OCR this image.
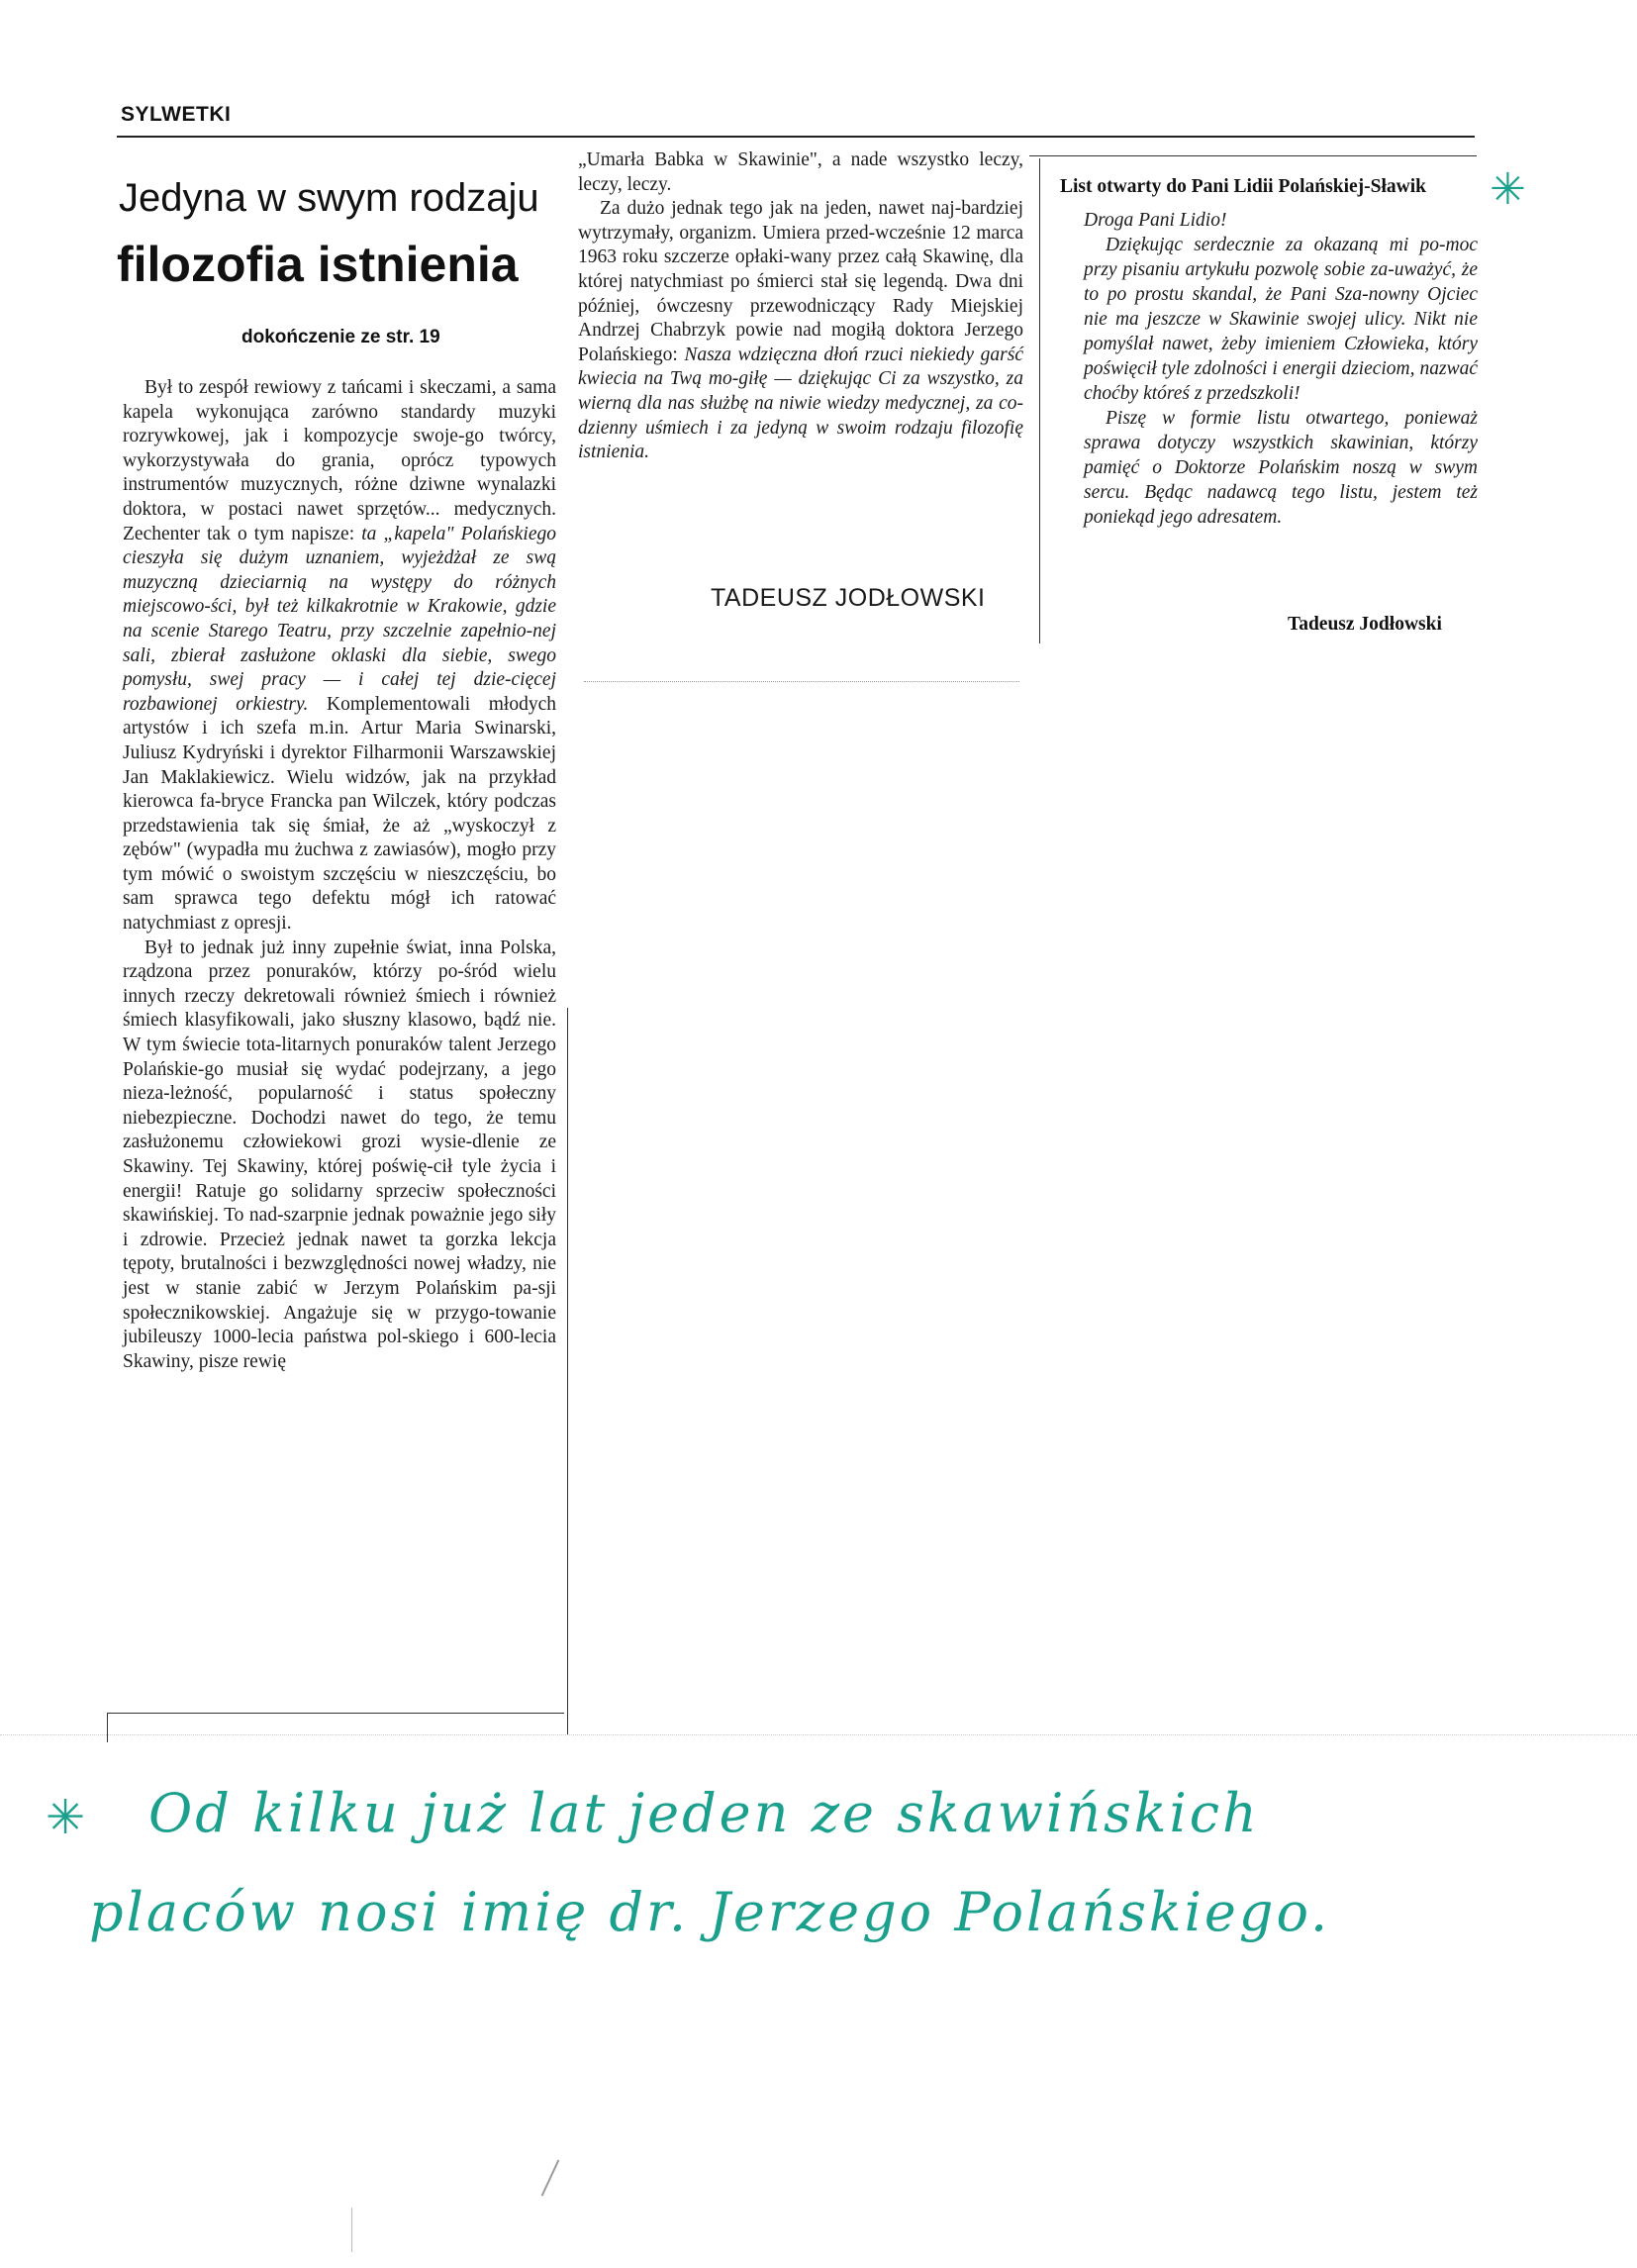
SYLWETKI
Jedyna w swym rodzaju
filozofia istnienia
dokończenie ze str. 19

Był to zespół rewiowy z tańcami i skeczami, a sama kapela wykonująca zarówno standardy muzyki rozrywkowej, jak i kompozycje swoje-go twórcy, wykorzystywała do grania, oprócz typowych instrumentów muzycznych, różne dziwne wynalazki doktora, w postaci nawet sprzętów... medycznych. Zechenter tak o tym napisze: ta „kapela" Polańskiego cieszyła się dużym uznaniem, wyjeżdżał ze swą muzyczną dzieciarnią na występy do różnych miejscowo-ści, był też kilkakrotnie w Krakowie, gdzie na scenie Starego Teatru, przy szczelnie zapełnio-nej sali, zbierał zasłużone oklaski dla siebie, swego pomysłu, swej pracy — i całej tej dzie-cięcej rozbawionej orkiestry. Komplementowali młodych artystów i ich szefa m.in. Artur Maria Swinarski, Juliusz Kydryński i dyrektor Filharmonii Warszawskiej Jan Maklakiewicz. Wielu widzów, jak na przykład kierowca fa-bryce Francka pan Wilczek, który podczas przedstawienia tak się śmiał, że aż „wyskoczył z zębów" (wypadła mu żuchwa z zawiasów), mogło przy tym mówić o swoistym szczęściu w nieszczęściu, bo sam sprawca tego defektu mógł ich ratować natychmiast z opresji.

Był to jednak już inny zupełnie świat, inna Polska, rządzona przez ponuraków, którzy po-śród wielu innych rzeczy dekretowali również śmiech i również śmiech klasyfikowali, jako słuszny klasowo, bądź nie. W tym świecie tota-litarnych ponuraków talent Jerzego Polańskie-go musiał się wydać podejrzany, a jego nieza-leżność, popularność i status społeczny niebezpieczne. Dochodzi nawet do tego, że temu zasłużonemu człowiekowi grozi wysie-dlenie ze Skawiny. Tej Skawiny, której poświę-cił tyle życia i energii! Ratuje go solidarny sprzeciw społeczności skawińskiej. To nad-szarpnie jednak poważnie jego siły i zdrowie. Przecież jednak nawet ta gorzka lekcja tępoty, brutalności i bezwzględności nowej władzy, nie jest w stanie zabić w Jerzym Polańskim pa-sji społecznikowskiej. Angażuje się w przygo-towanie jubileuszy 1000-lecia państwa pol-skiego i 600-lecia Skawiny, pisze rewię

„Umarła Babka w Skawinie", a nade wszystko leczy, leczy, leczy.

Za dużo jednak tego jak na jeden, nawet naj-bardziej wytrzymały, organizm. Umiera przed-wcześnie 12 marca 1963 roku szczerze opłaki-wany przez całą Skawinę, dla której natychmiast po śmierci stał się legendą. Dwa dni później, ówczesny przewodniczący Rady Miejskiej Andrzej Chabrzyk powie nad mogiłą doktora Jerzego Polańskiego: Nasza wdzięczna dłoń rzuci niekiedy garść kwiecia na Twą mo-giłę — dziękując Ci za wszystko, za wierną dla nas służbę na niwie wiedzy medycznej, za co-dzienny uśmiech i za jedyną w swoim rodzaju filozofię istnienia.

TADEUSZ JODŁOWSKI
List otwarty do Pani Lidii Polańskiej-Sławik

Droga Pani Lidio!

Dziękując serdecznie za okazaną mi po-moc przy pisaniu artykułu pozwolę sobie za-uważyć, że to po prostu skandal, że Pani Sza-nowny Ojciec nie ma jeszcze w Skawinie swojej ulicy. Nikt nie pomyślał nawet, żeby imieniem Człowieka, który poświęcił tyle zdolności i energii dzieciom, nazwać choćby któreś z przedszkoli!

Piszę w formie listu otwartego, ponieważ sprawa dotyczy wszystkich skawinian, którzy pamięć o Doktorze Polańskim noszą w swym sercu. Będąc nadawcą tego listu, jestem też poniekąd jego adresatem.

Tadeusz Jodłowski
✳
✳ Od kilku już lat jeden ze skawińskich
placów nosi imię dr. Jerzego Polańskiego.
